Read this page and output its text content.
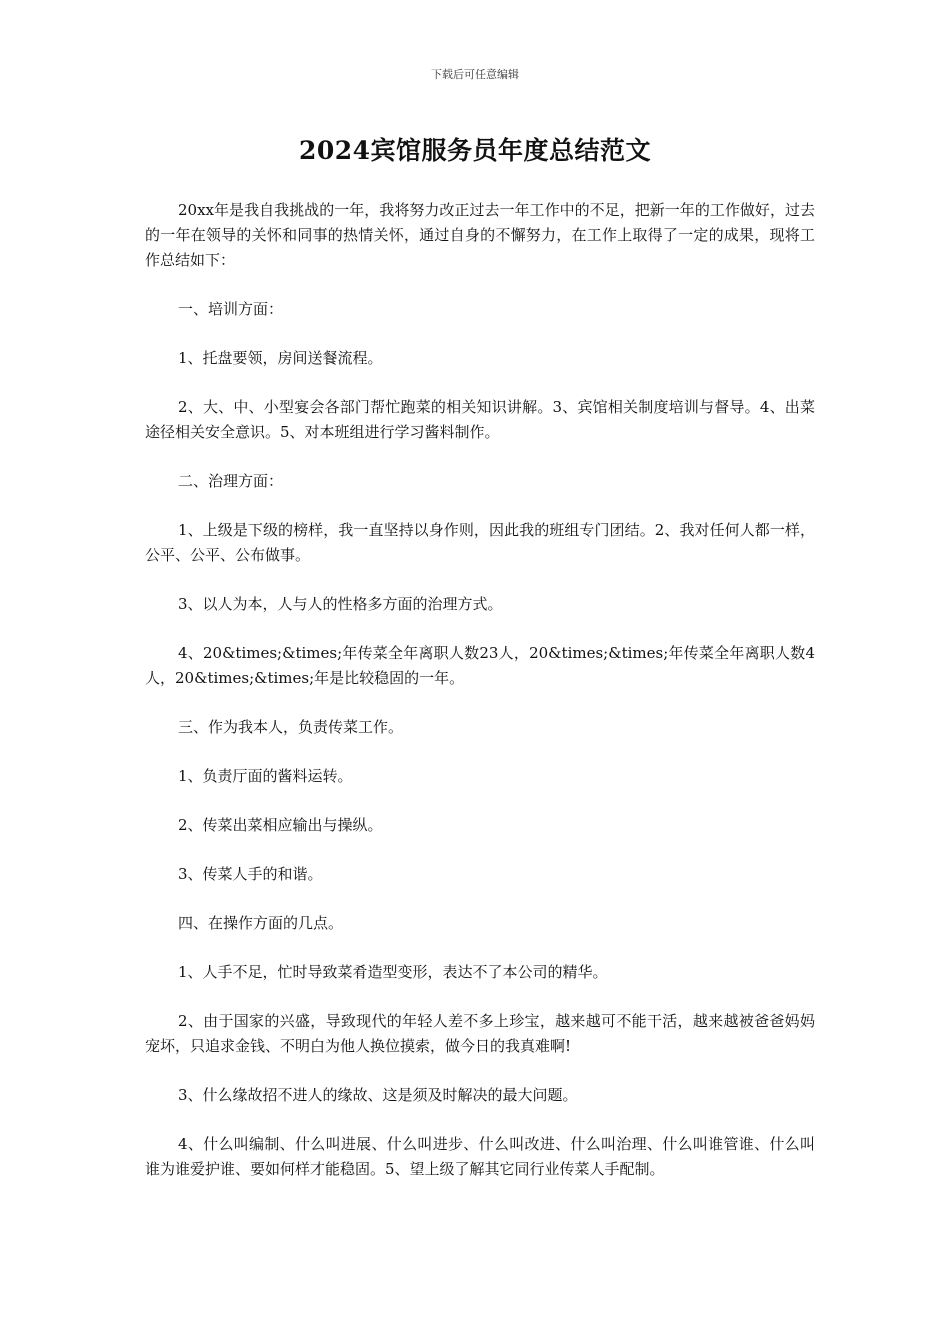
下载后可任意编辑
2024宾馆服务员年度总结范文

20xx年是我自我挑战的一年，我将努力改正过去一年工作中的不足，把新一年的工作做好，过去的一年在领导的关怀和同事的热情关怀，通过自身的不懈努力，在工作上取得了一定的成果，现将工作总结如下：

一、培训方面：

1、托盘要领，房间送餐流程。

2、大、中、小型宴会各部门帮忙跑菜的相关知识讲解。3、宾馆相关制度培训与督导。4、出菜途径相关安全意识。5、对本班组进行学习酱料制作。

二、治理方面：

1、上级是下级的榜样，我一直坚持以身作则，因此我的班组专门团结。2、我对任何人都一样，公平、公平、公布做事。

3、以人为本，人与人的性格多方面的治理方式。

4、20&times;&times;年传菜全年离职人数23人，20&times;&times;年传菜全年离职人数4人，20&times;&times;年是比较稳固的一年。

三、作为我本人，负责传菜工作。

1、负责厅面的酱料运转。

2、传菜出菜相应输出与操纵。

3、传菜人手的和谐。

四、在操作方面的几点。

1、人手不足，忙时导致菜肴造型变形，表达不了本公司的精华。

2、由于国家的兴盛，导致现代的年轻人差不多上珍宝，越来越可不能干活，越来越被爸爸妈妈宠坏，只追求金钱、不明白为他人换位摸索，做今日的我真难啊!

3、什么缘故招不进人的缘故、这是须及时解决的最大问题。

4、什么叫编制、什么叫进展、什么叫进步、什么叫改进、什么叫治理、什么叫谁管谁、什么叫谁为谁爱护谁、要如何样才能稳固。5、望上级了解其它同行业传菜人手配制。
